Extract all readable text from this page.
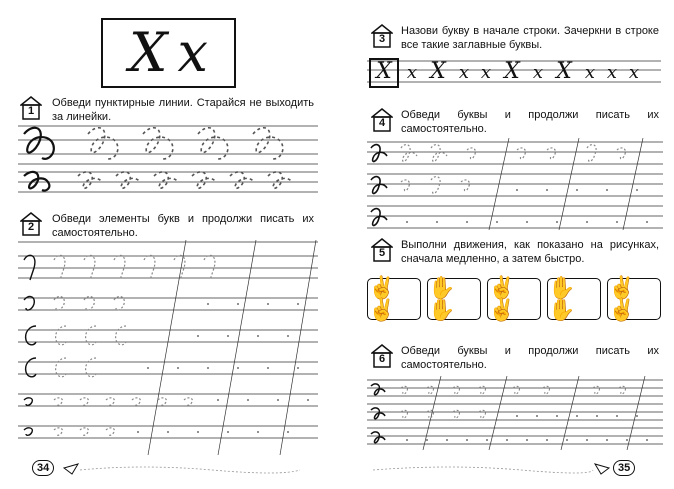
X x
1
Обведи пунктирные линии. Старайся не выходить за линейки.
2
Обведи элементы букв и продолжи писать их самостоятельно.
34
3
Назови букву в начале строки. Зачеркни в строке все такие заглавные буквы.
X x X x x X x X x x x
4
Обведи буквы и продолжи писать их самостоятельно.
5
Выполни движения, как показано на рисунках, сначала медленно, а затем быстро.
✌✌
✋✋
✌✌
✋✋
✌✌
6
Обведи буквы и продолжи писать их самостоятельно.
35
